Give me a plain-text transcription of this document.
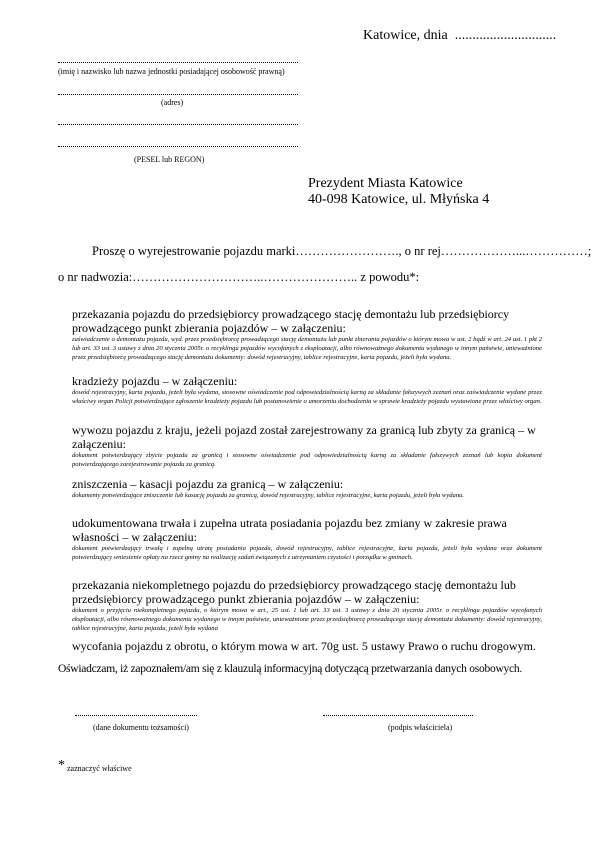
Katowice, dnia .............................
(imię i nazwisko lub nazwa jednostki posiadającej osobowość prawną)
(adres)
(PESEL lub REGON)
Prezydent Miasta Katowice
40-098 Katowice, ul. Młyńska 4
Proszę o wyrejestrowanie pojazdu marki……………………., o nr rej………………...……………;
o nr nadwozia:…………………………..………………….. z powodu*:
przekazania pojazdu do przedsiębiorcy prowadzącego stację demontażu lub przedsiębiorcy prowadzącego punkt zbierania pojazdów – w załączeniu:
zaświadczenie o demontażu pojazdu, wyd. przez przedsiębiorcę prowadzącego stację demontażu lub punkt zbierania pojazdów o którym mowa w ust. 2 bądź w art. 24 ust. 1 pkt 2 lub art. 33 ust. 3 ustawy z dnia 20 stycznia 2005r. o recyklingu pojazdów wycofanych z eksploatacji, albo równoważnego dokumentu wydanego w innym państwie, unieważnione przez przedsiębiorcę prowadzącego stację demontażu dokumenty: dowód rejestracyjny, tablice rejestracyjne, karta pojazdu, jeżeli była wydana.
kradzieży pojazdu – w załączeniu:
dowód rejestracyjny, karta pojazdu, jeżeli była wydana, stosowne oświadczenie pod odpowiedzialnością karną za składanie fałszywych zeznań oraz zaświadczenie wydane przez właściwy organ Policji potwierdzające zgłoszenie kradzieży pojazdu lub postanowienie o umorzeniu dochodzenia w sprawie kradzieży pojazdu wystawione przez właściwy organ.
wywozu pojazdu z kraju, jeżeli pojazd został zarejestrowany za granicą lub zbyty za granicą – w załączeniu:
dokument potwierdzający zbycie pojazdu za granicą i stosowne oświadczenie pod odpowiedzialnością karną za składanie fałszywych zeznań lub kopia dokument potwierdzającego zarejestrowanie pojazdu za granicą.
zniszczenia – kasacji pojazdu za granicą – w załączeniu:
dokumenty potwierdzające zniszczenie lub kasację pojazdu za granicą, dowód rejestracyjny, tablice rejestracyjne, karta pojazdu, jeżeli była wydana.
udokumentowana trwała i zupełna utrata posiadania pojazdu bez zmiany w zakresie prawa własności – w załączeniu:
dokument potwierdzający trwałą i zupełną utratę posiadania pojazdu, dowód rejestracyjny, tablice rejestracyjne, karta pojazdu, jeżeli była wydana oraz dokument potwierdzający wniesienie opłaty na rzecz gminy na realizację zadań związanych z utrzymaniem czystości i porządku w gminach.
przekazania niekompletnego pojazdu do przedsiębiorcy prowadzącego stację demontażu lub przedsiębiorcy prowadzącego punkt zbierania pojazdów – w załączeniu:
dokument o przyjęciu niekompletnego pojazdu, o którym mowa w art., 25 ust. 1 lub art. 33 ust. 3 ustawy z dnia 20 stycznia 2005r. o recyklingu pojazdów wycofanych eksploatacji, albo równoważnego dokumentu wydanego w innym państwie, unieważnione przez przedsiębiorcę prowadzącego stację demontażu dokumenty: dowód rejestracyjny, tablice rejestracyjne, karta pojazdu, jeżeli była wydana
wycofania pojazdu z obrotu, o którym mowa w art. 70g ust. 5 ustawy Prawo o ruchu drogowym.
Oświadczam, iż zapoznałem/am się z klauzulą informacyjną dotyczącą przetwarzania danych osobowych.
(dane dokumentu tożsamości)	(podpis właściciela)
* zaznaczyć właściwe
